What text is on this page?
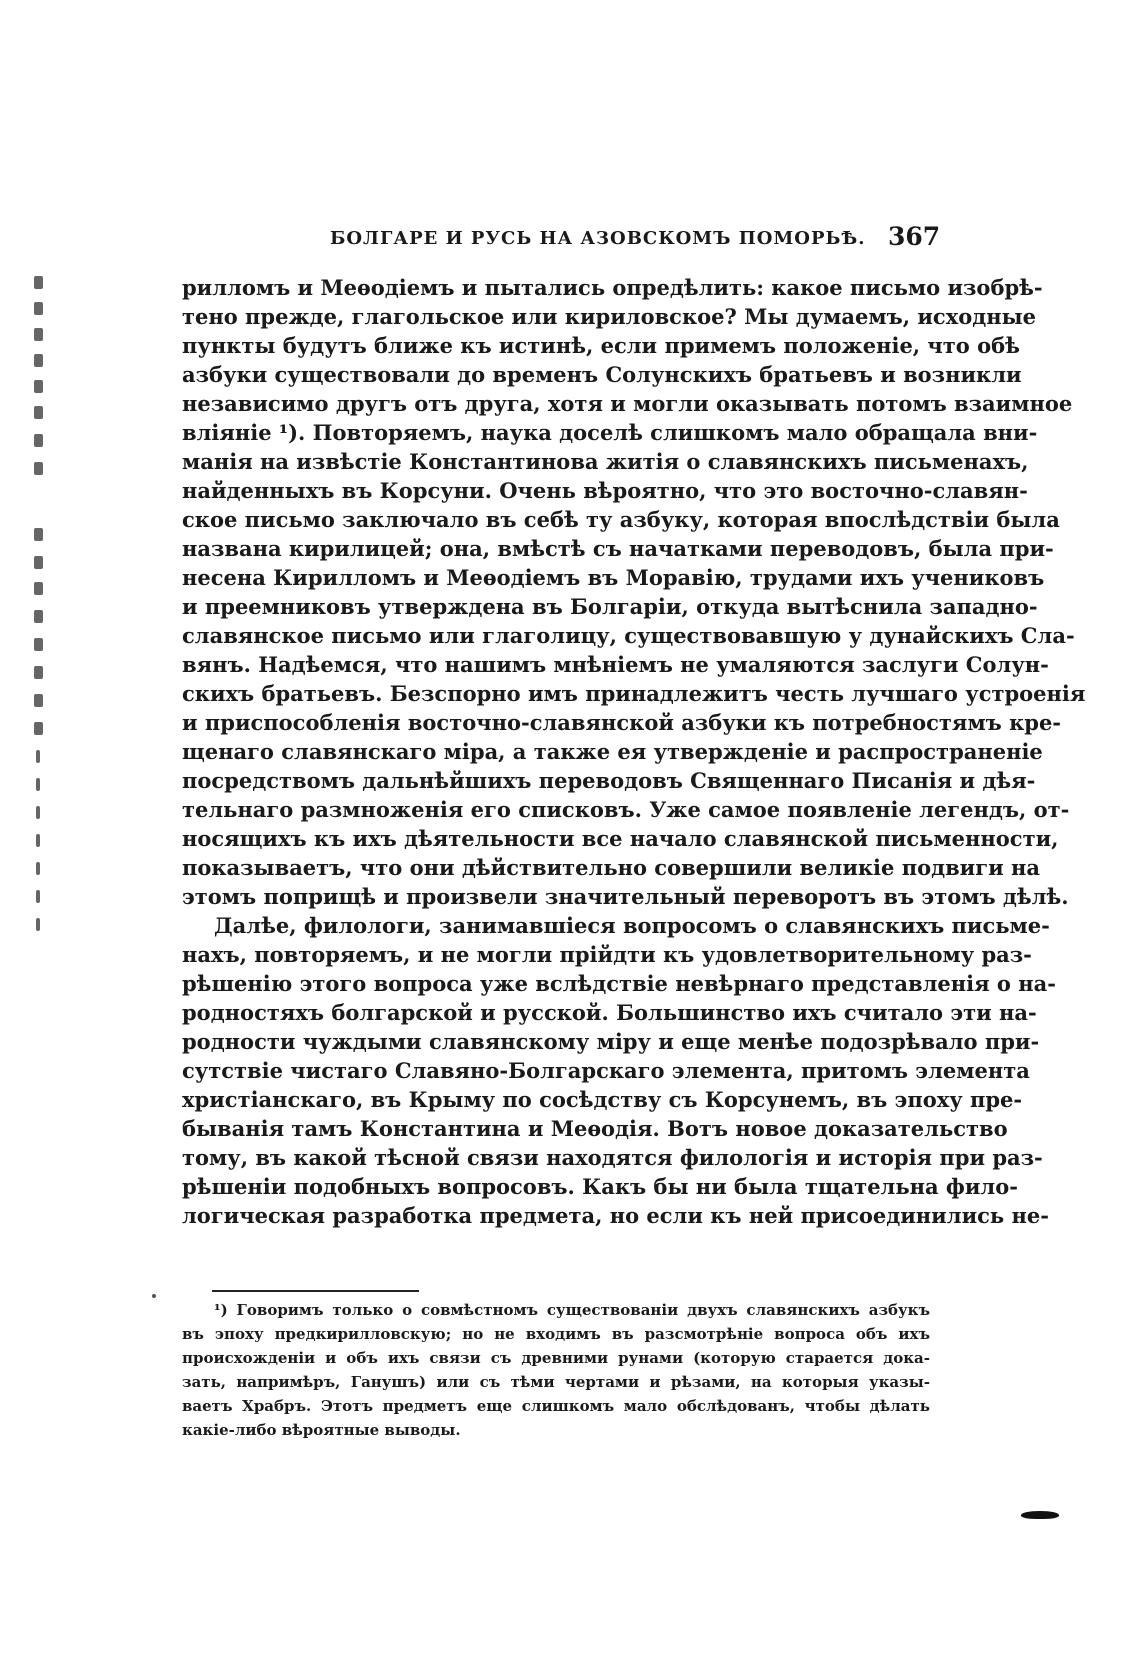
БОЛГАРЕ И РУСЬ НА АЗОВСКОМЪ ПОМОРЬѢ. 367
рилломъ и Меѳодіемъ и пытались опредѣлить: какое письмо изобрѣ-
тено прежде, глагольское или кириловское? Мы думаемъ, исходные
пункты будутъ ближе къ истинѣ, если примемъ положеніе, что обѣ
азбуки существовали до временъ Солунскихъ братьевъ и возникли
независимо другъ отъ друга, хотя и могли оказывать потомъ взаимное
вліяніе ¹). Повторяемъ, наука доселѣ слишкомъ мало обращала вни-
манія на извѣстіе Константинова житія о славянскихъ письменахъ,
найденныхъ въ Корсуни. Очень вѣроятно, что это восточно-славян-
ское письмо заключало въ себѣ ту азбуку, которая впослѣдствіи была
названа кирилицей; она, вмѣстѣ съ начатками переводовъ, была при-
несена Кирилломъ и Меѳодіемъ въ Моравію, трудами ихъ учениковъ
и преемниковъ утверждена въ Болгаріи, откуда вытѣснила западно-
славянское письмо или глаголицу, существовавшую у дунайскихъ Сла-
вянъ. Надѣемся, что нашимъ мнѣніемъ не умаляются заслуги Солун-
скихъ братьевъ. Безспорно имъ принадлежитъ честь лучшаго устроенія
и приспособленія восточно-славянской азбуки къ потребностямъ кре-
щенаго славянскаго міра, а также ея утвержденіе и распространеніе
посредствомъ дальнѣйшихъ переводовъ Священнаго Писанія и дѣя-
тельнаго размноженія его списковъ. Уже самое появленіе легендъ, от-
носящихъ къ ихъ дѣятельности все начало славянской письменности,
показываетъ, что они дѣйствительно совершили великіе подвиги на
этомъ поприщѣ и произвели значительный переворотъ въ этомъ дѣлѣ.
Далѣе, филологи, занимавшіеся вопросомъ о славянскихъ письме-
нахъ, повторяемъ, и не могли прійдти къ удовлетворительному раз-
рѣшенію этого вопроса уже вслѣдствіе невѣрнаго представленія о на-
родностяхъ болгарской и русской. Большинство ихъ считало эти на-
родности чуждыми славянскому міру и еще менѣе подозрѣвало при-
сутствіе чистаго Славяно-Болгарскаго элемента, притомъ элемента
христіанскаго, въ Крыму по сосѣдству съ Корсунемъ, въ эпоху пре-
быванія тамъ Константина и Меѳодія. Вотъ новое доказательство
тому, въ какой тѣсной связи находятся филологія и исторія при раз-
рѣшеніи подобныхъ вопросовъ. Какъ бы ни была тщательна фило-
логическая разработка предмета, но если къ ней присоединились не-
¹) Говоримъ только о совмѣстномъ существованіи двухъ славянскихъ азбукъ
въ эпоху предкирилловскую; но не входимъ въ разсмотрѣніе вопроса объ ихъ
происхожденіи и объ ихъ связи съ древними рунами (которую старается дока-
зать, напримѣръ, Ганушъ) или съ тѣми чертами и рѣзами, на которыя указы-
ваетъ Храбръ. Этотъ предметъ еще слишкомъ мало обслѣдованъ, чтобы дѣлать
какіе-либо вѣроятные выводы.
